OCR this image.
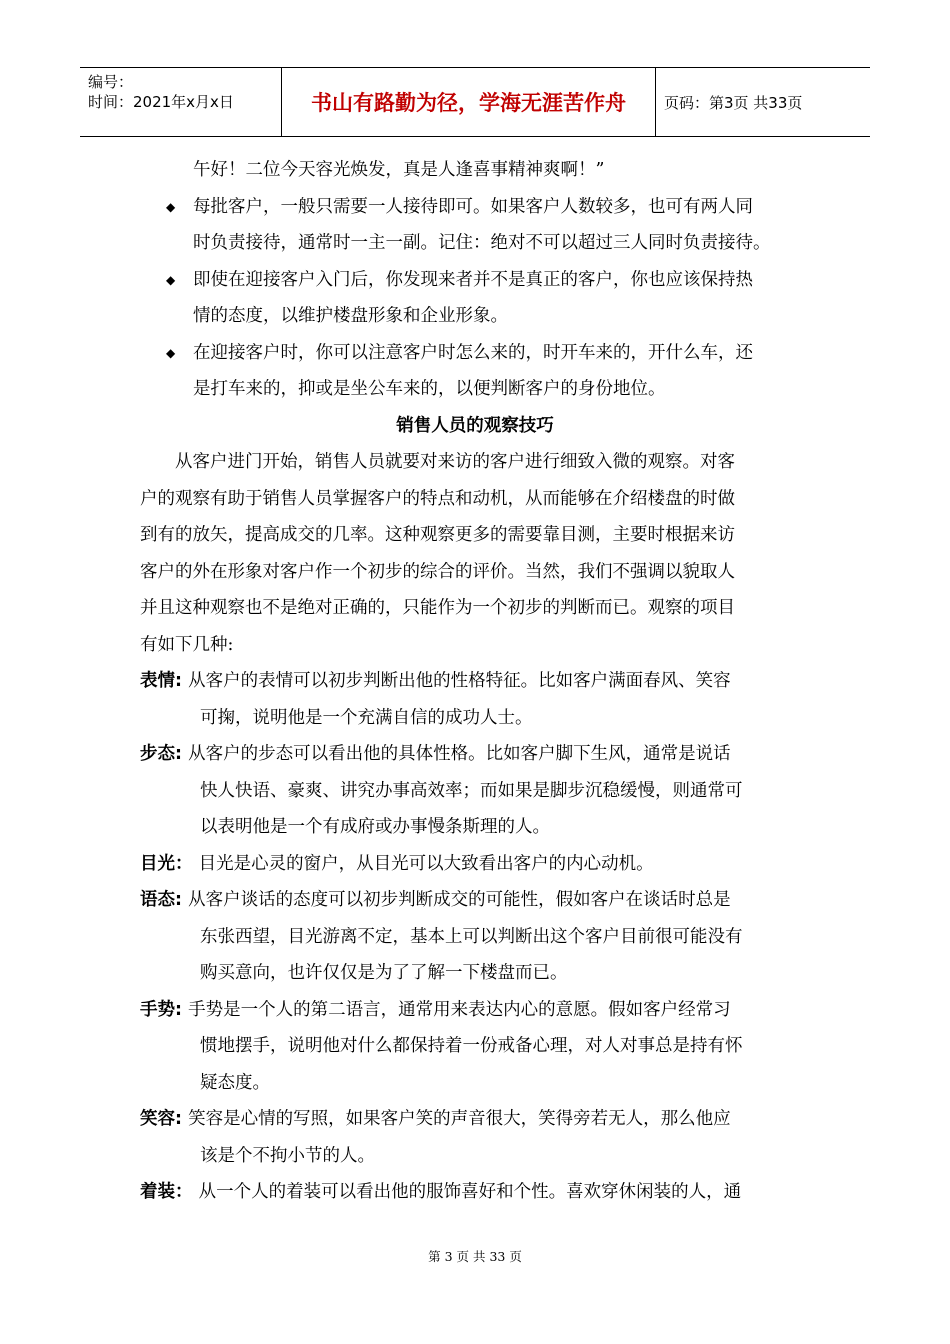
编号：
时间：2021年x月x日	书山有路勤为径，学海无涯苦作舟	页码：第3页 共33页
午好！二位今天容光焕发，真是人逢喜事精神爽啊！”
◆ 每批客户，一般只需要一人接待即可。如果客户人数较多，也可有两人同
时负责接待，通常时一主一副。记住：绝对不可以超过三人同时负责接待。
◆ 即使在迎接客户入门后，你发现来者并不是真正的客户，你也应该保持热
情的态度，以维护楼盘形象和企业形象。
◆ 在迎接客户时，你可以注意客户时怎么来的，时开车来的，开什么车，还
是打车来的，抑或是坐公车来的，以便判断客户的身份地位。
销售人员的观察技巧
　　从客户进门开始，销售人员就要对来访的客户进行细致入微的观察。对客
户的观察有助于销售人员掌握客户的特点和动机，从而能够在介绍楼盘的时做
到有的放矢，提高成交的几率。这种观察更多的需要靠目测，主要时根据来访
客户的外在形象对客户作一个初步的综合的评价。当然，我们不强调以貌取人
并且这种观察也不是绝对正确的，只能作为一个初步的判断而已。观察的项目
有如下几种:
表情: 从客户的表情可以初步判断出他的性格特征。比如客户满面春风、笑容
可掬，说明他是一个充满自信的成功人士。
步态: 从客户的步态可以看出他的具体性格。比如客户脚下生风，通常是说话
快人快语、豪爽、讲究办事高效率；而如果是脚步沉稳缓慢，则通常可
以表明他是一个有成府或办事慢条斯理的人。
目光： 目光是心灵的窗户，从目光可以大致看出客户的内心动机。
语态: 从客户谈话的态度可以初步判断成交的可能性，假如客户在谈话时总是
东张西望，目光游离不定，基本上可以判断出这个客户目前很可能没有
购买意向，也许仅仅是为了了解一下楼盘而已。
手势: 手势是一个人的第二语言，通常用来表达内心的意愿。假如客户经常习
惯地摆手，说明他对什么都保持着一份戒备心理，对人对事总是持有怀
疑态度。
笑容: 笑容是心情的写照，如果客户笑的声音很大，笑得旁若无人，那么他应
该是个不拘小节的人。
着装： 从一个人的着装可以看出他的服饰喜好和个性。喜欢穿休闲装的人，通
第 3 页 共 33 页
